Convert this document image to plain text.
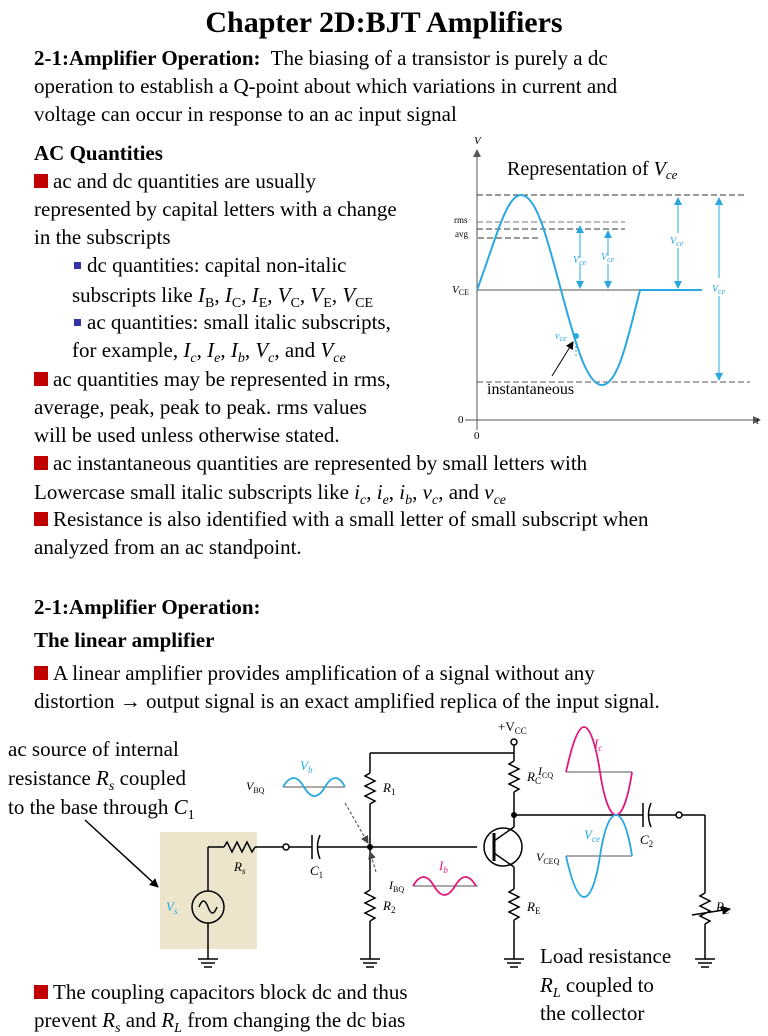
Chapter 2D:BJT Amplifiers
2-1:Amplifier Operation: The biasing of a transistor is purely a dc
operation to establish a Q-point about which variations in current and
voltage can occur in response to an ac input signal
AC Quantities
ac and dc quantities are usually
represented by capital letters with a change
in the subscripts
dc quantities: capital non-italic
subscripts like $I_B$, $I_C$, $I_E$, $V_C$, $V_E$, $V_{CE}$
ac quantities: small italic subscripts,
for example, $I_c$, $I_e$, $I_b$, $V_c$, and $V_{ce}$
ac quantities may be represented in rms,
average, peak, peak to peak. rms values
will be used unless otherwise stated.
ac instantaneous quantities are represented by small letters with
Lowercase small italic subscripts like $i_c$, $i_e$, $i_b$, $v_c$, and $v_{ce}$
Resistance is also identified with a small letter of small subscript when
analyzed from an ac standpoint.
V
t
0
0
Representation of $V_{ce}$
VCE
rms
avg
$V_{ce}$ $V_{ce}$
$V_{ce}$
$V_{ce}$
$v_{ce}$
instantaneous
2-1:Amplifier Operation:
The linear amplifier
A linear amplifier provides amplification of a signal without any
distortion → output signal is an exact amplified replica of the input signal.
ac source of internal
resistance $R_s$ coupled
to the base through $C_1$
Load resistance
$R_L$ coupled to
the collector
$R_s$	$C_1$
$V_s$
$+V_{CC}$
$R_1$
$R_2$
$R_C$
$R_E$
$C_2$
$R_L$
$V_b$
$V_{BQ}$
$I_b$
$I_{BQ}$
$I_{CQ}$
$I_c$
$V_{ce}$
$V_{CEQ}$
The coupling capacitors block dc and thus
prevent $R_s$ and $R_L$ from changing the dc bias
